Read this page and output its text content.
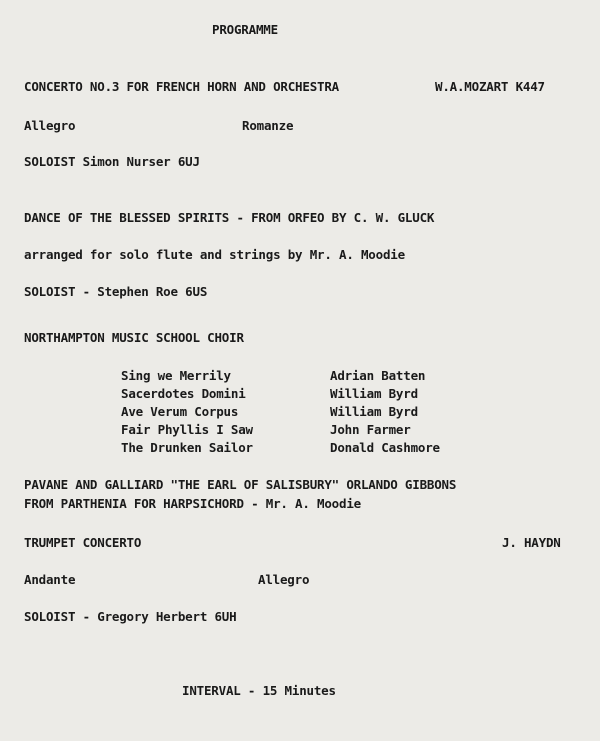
PROGRAMME
CONCERTO NO.3 FOR FRENCH HORN AND ORCHESTRA	W.A.MOZART K447
Allegro	Romanze
SOLOIST Simon Nurser 6UJ
DANCE OF THE BLESSED SPIRITS - FROM ORFEO BY C. W. GLUCK
arranged for solo flute and strings by Mr. A. Moodie
SOLOIST - Stephen Roe 6US
NORTHAMPTON MUSIC SCHOOL CHOIR
Sing we Merrily	Adrian Batten
Sacerdotes Domini	William Byrd
Ave Verum Corpus	William Byrd
Fair Phyllis I Saw	John Farmer
The Drunken Sailor	Donald Cashmore
PAVANE AND GALLIARD "THE EARL OF SALISBURY" ORLANDO GIBBONS
FROM PARTHENIA FOR HARPSICHORD - Mr. A. Moodie
TRUMPET CONCERTO	J. HAYDN
Andante	Allegro
SOLOIST - Gregory Herbert 6UH
INTERVAL - 15 Minutes
